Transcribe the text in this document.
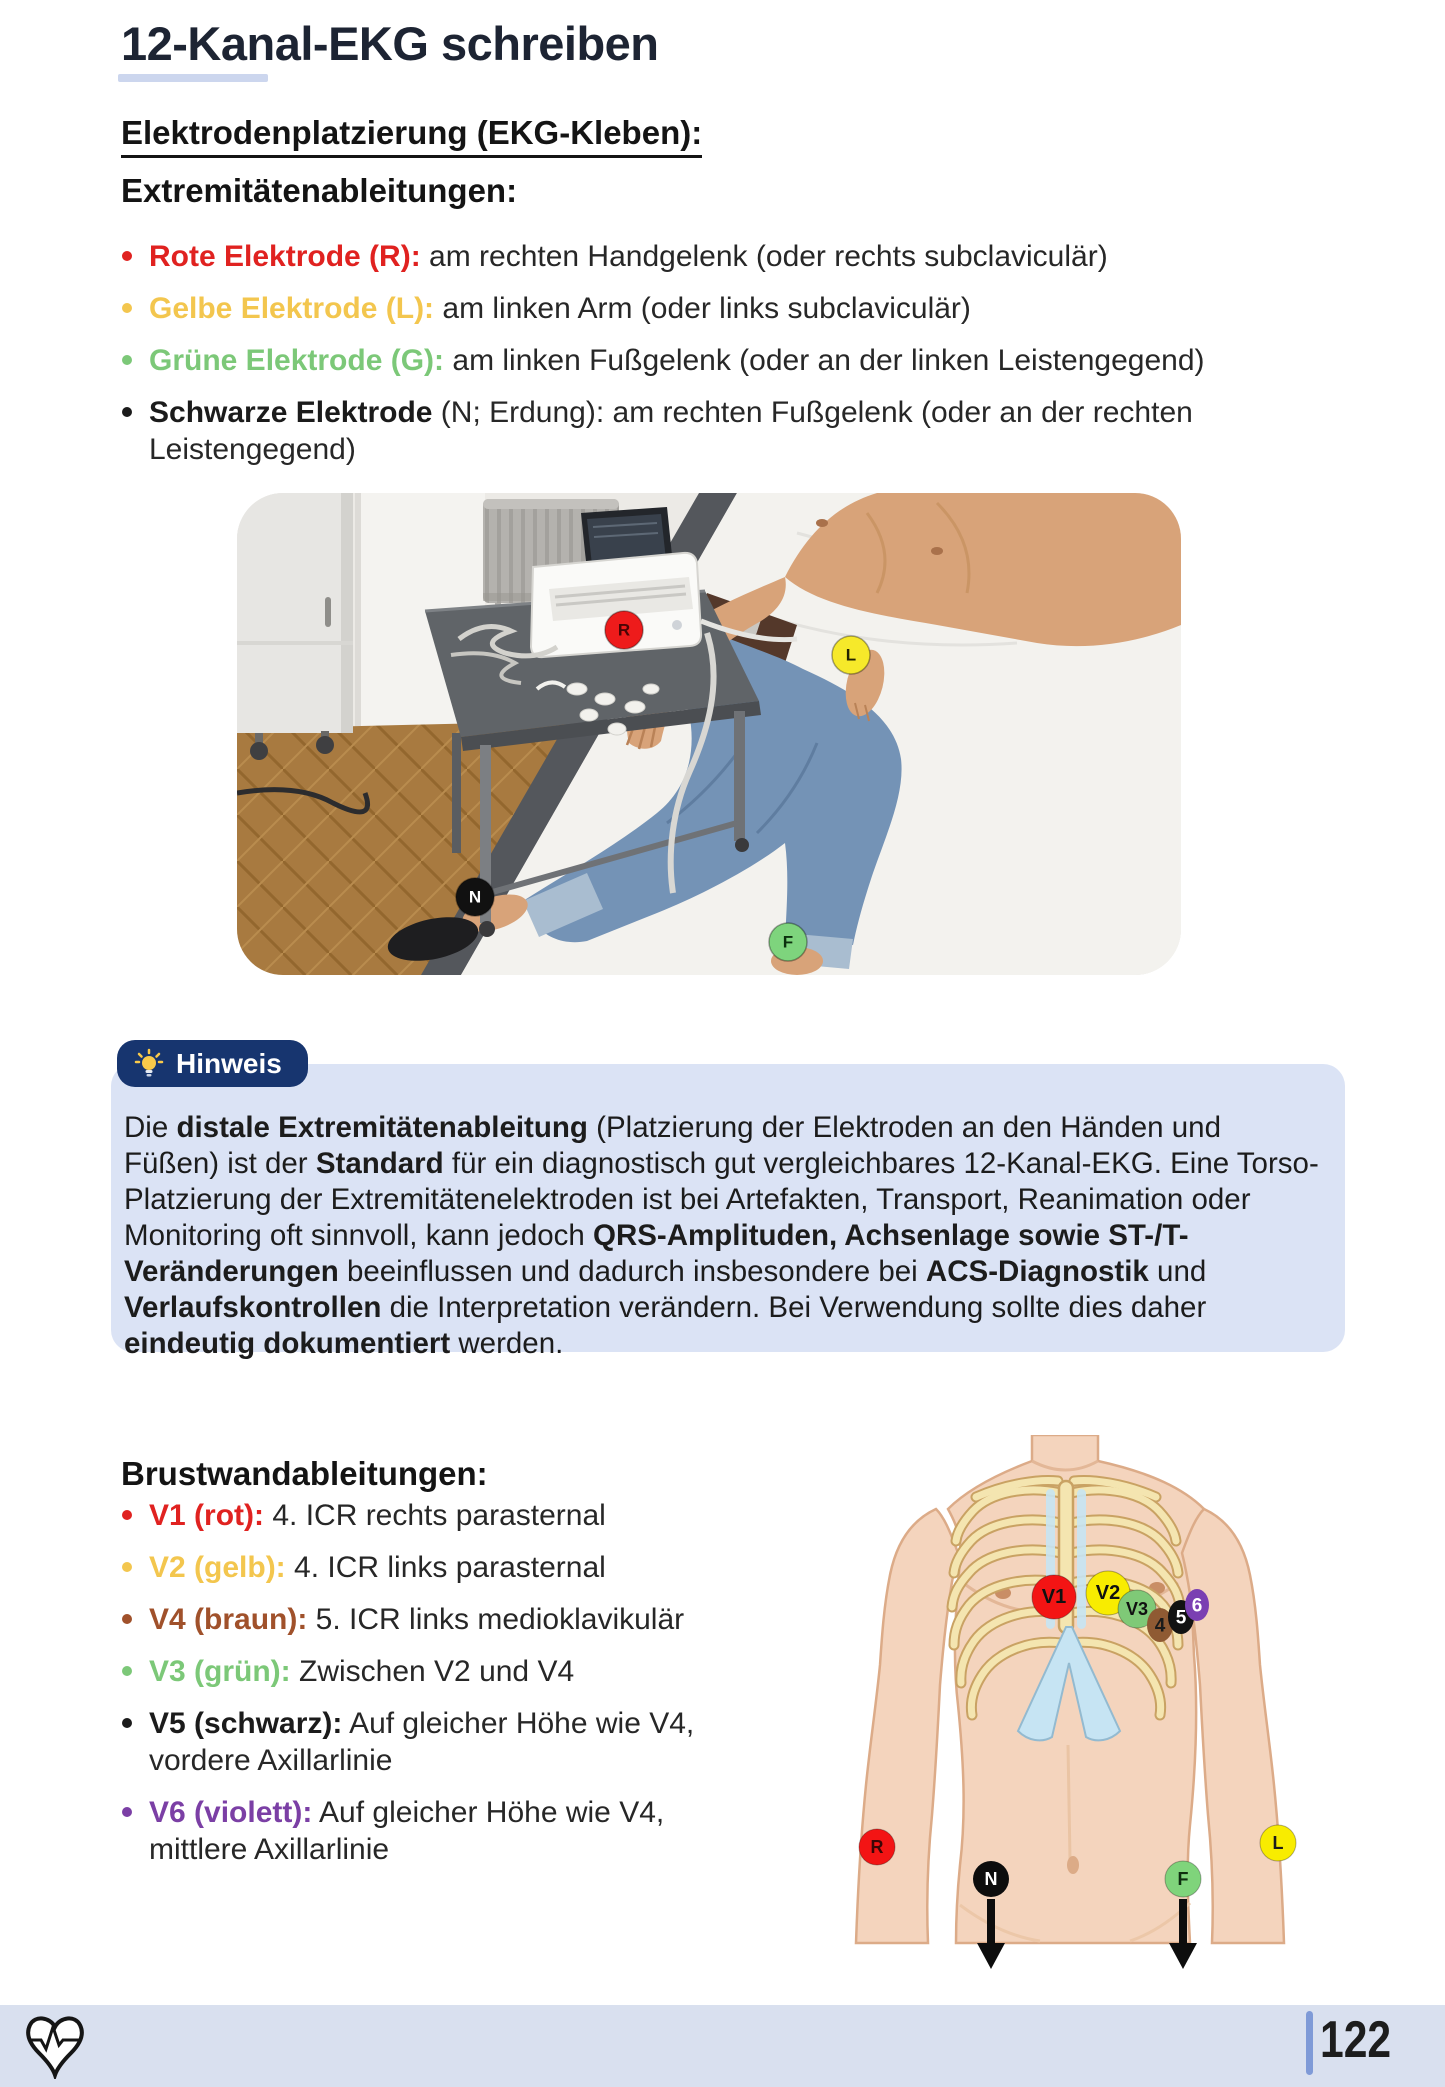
12-Kanal-EKG schreiben
Elektrodenplatzierung (EKG-Kleben):
Extremitätenableitungen:
Rote Elektrode (R): am rechten Handgelenk (oder rechts subclaviculär)
Gelbe Elektrode (L): am linken Arm (oder links subclaviculär)
Grüne Elektrode (G): am linken Fußgelenk (oder an der linken Leistengegend)
Schwarze Elektrode (N; Erdung): am rechten Fußgelenk (oder an der rechten Leistengegend)
R
L
N
F
Hinweis

Die distale Extremitätenableitung (Platzierung der Elektroden an den Händen und Füßen) ist der Standard für ein diagnostisch gut vergleichbares 12-Kanal-EKG. Eine Torso-Platzierung der Extremitätenelektroden ist bei Artefakten, Transport, Reanimation oder Monitoring oft sinnvoll, kann jedoch QRS-Amplituden, Achsenlage sowie ST-/T-Veränderungen beeinflussen und dadurch insbesondere bei ACS-Diagnostik und Verlaufskontrollen die Interpretation verändern. Bei Verwendung sollte dies daher eindeutig dokumentiert werden.

Brustwandableitungen:
V1 (rot): 4. ICR rechts parasternal
V2 (gelb): 4. ICR links parasternal
V4 (braun): 5. ICR links medioklavikulär
V3 (grün): Zwischen V2 und V4
V5 (schwarz): Auf gleicher Höhe wie V4, vordere Axillarlinie
V6 (violett): Auf gleicher Höhe wie V4, mittlere Axillarlinie
V1 V2
V3
4 5
6
R
N	F
L
122
